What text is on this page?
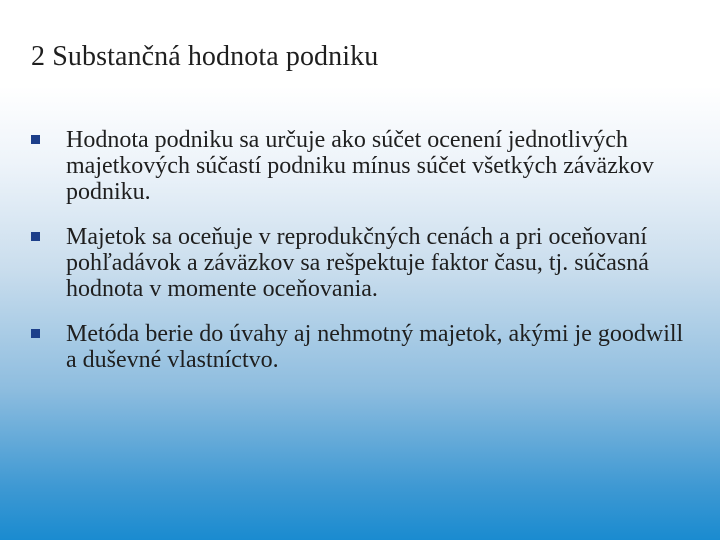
2 Substančná hodnota podniku
Hodnota podniku sa určuje ako súčet ocenení jednotlivých majetkových súčastí podniku mínus súčet všetkých záväzkov podniku.
Majetok sa oceňuje v reprodukčných cenách a pri oceňovaní pohľadávok a záväzkov sa rešpektuje faktor času, tj. súčasná hodnota v momente oceňovania.
Metóda berie do úvahy aj nehmotný majetok, akými je goodwill a duševné vlastníctvo.
